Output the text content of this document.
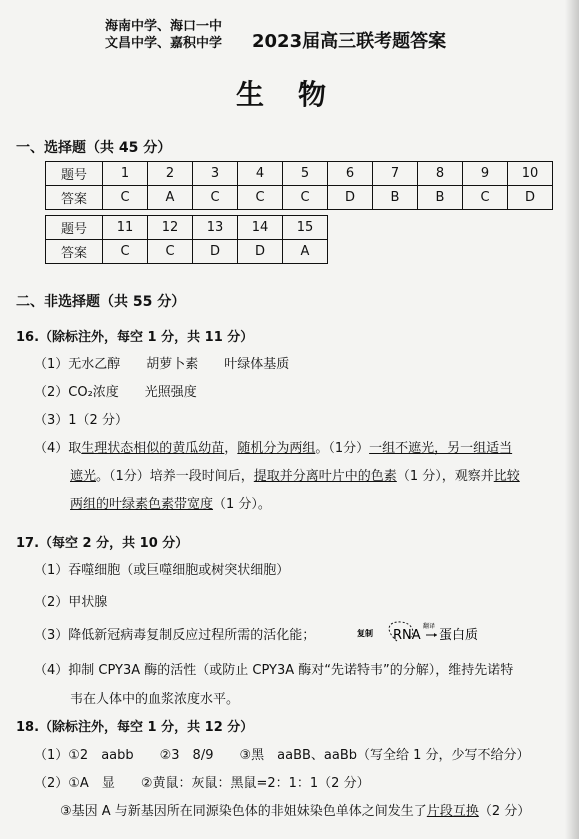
海南中学、海口一中
文昌中学、嘉积中学 2023届高三联考题答案
生物
一、选择题（共 45 分）
题号	1	2	3	4	5	6	7	8	9	10
答案	C	A	C	C	C	D	B	B	C	D
题号	11	12	13	14	15
答案	C	C	D	D	A
二、非选择题（共 55 分）
16.（除标注外，每空 1 分，共 11 分）
（1）无水乙醇　　胡萝卜素　　叶绿体基质
（2）CO₂浓度　　光照强度
（3）1（2 分）
（4）取生理状态相似的黄瓜幼苗，随机分为两组。（1分）一组不遮光，另一组适当
遮光。（1分）培养一段时间后，提取并分离叶片中的色素（1 分），观察并比较
两组的叶绿素色素带宽度（1 分）。
17.（每空 2 分，共 10 分）
（1）吞噬细胞（或巨噬细胞或树突状细胞）
（2）甲状腺
（3）降低新冠病毒复制反应过程所需的活化能；	复制 RNA
翻译
蛋白质
（4）抑制 CPY3A 酶的活性（或防止 CPY3A 酶对“先诺特韦”的分解），维持先诺特
韦在人体中的血浆浓度水平。
18.（除标注外，每空 1 分，共 12 分）
（1）①2　aabb　　②3　8/9　　③黑　aaBB、aaBb（写全给 1 分，少写不给分）
（2）①A　显　　②黄鼠：灰鼠：黑鼠=2：1：1（2 分）
③基因 A 与新基因所在同源染色体的非姐妹染色单体之间发生了片段互换（2 分）
